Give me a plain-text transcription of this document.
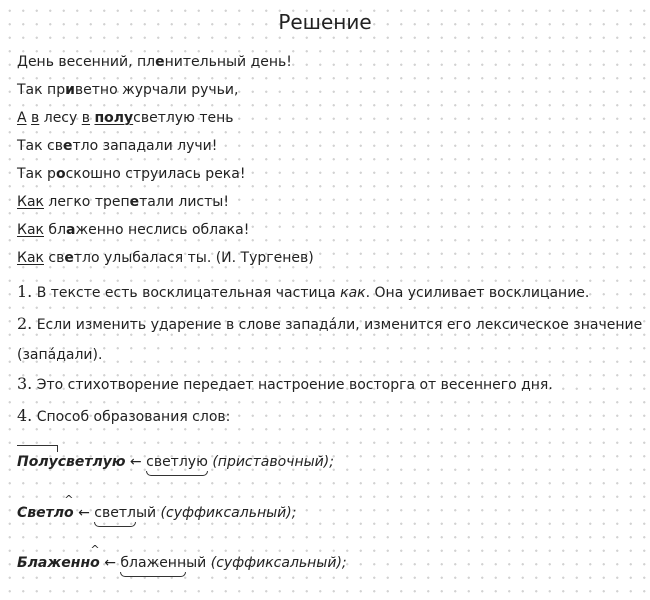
Решение
День весенний, пленительный день!
Так приветно журчали ручьи,
А в лесу в полусветлую тень
Так светло западали лучи!
Так роскошно струилась река!
Как легко трепетали листы!
Как блаженно неслись облака!
Как светло улыбалася ты. (И. Тургенев)
1. В тексте есть восклицательная частица как. Она усиливает восклицание.
2. Если изменить ударение в слове запада́ли, изменится его лексическое значение
(запа́дали).
3. Это стихотворение передает настроение восторга от весеннего дня.
4. Способ образования слов:
Полусветлую ← светлую (приставочный);
Светл
^
о ← светлый (суффиксальный);
Блаженн
^
о ← блаженный (суффиксальный);
